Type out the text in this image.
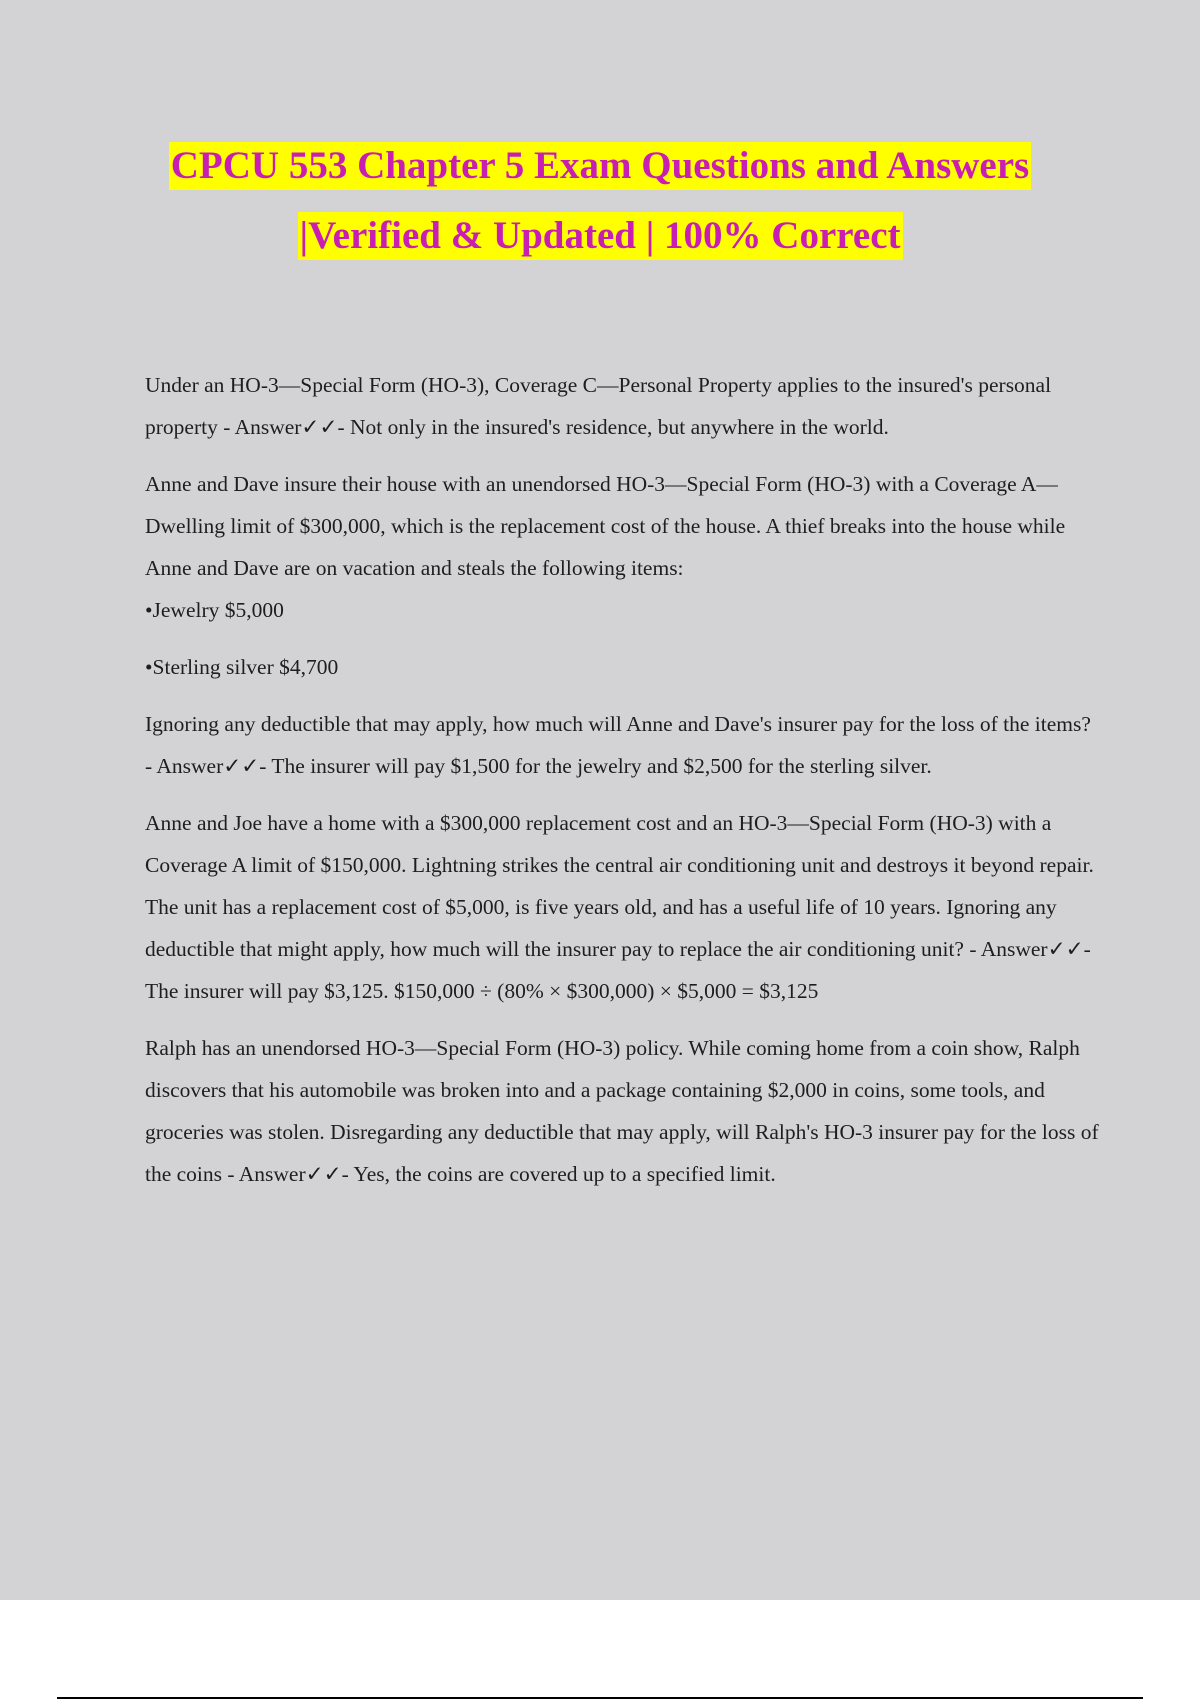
CPCU 553 Chapter 5 Exam Questions and Answers
|Verified & Updated | 100% Correct

Under an HO-3—Special Form (HO-3), Coverage C—Personal Property applies to the insured's personal property - Answer✓✓- Not only in the insured's residence, but anywhere in the world.

Anne and Dave insure their house with an unendorsed HO-3—Special Form (HO-3) with a Coverage A—Dwelling limit of $300,000, which is the replacement cost of the house. A thief breaks into the house while Anne and Dave are on vacation and steals the following items:
•Jewelry $5,000

•Sterling silver $4,700

Ignoring any deductible that may apply, how much will Anne and Dave's insurer pay for the loss of the items? - Answer✓✓- The insurer will pay $1,500 for the jewelry and $2,500 for the sterling silver.

Anne and Joe have a home with a $300,000 replacement cost and an HO-3—Special Form (HO-3) with a Coverage A limit of $150,000. Lightning strikes the central air conditioning unit and destroys it beyond repair. The unit has a replacement cost of $5,000, is five years old, and has a useful life of 10 years. Ignoring any deductible that might apply, how much will the insurer pay to replace the air conditioning unit? - Answer✓✓- The insurer will pay $3,125. $150,000 ÷ (80% × $300,000) × $5,000 = $3,125

Ralph has an unendorsed HO-3—Special Form (HO-3) policy. While coming home from a coin show, Ralph discovers that his automobile was broken into and a package containing $2,000 in coins, some tools, and groceries was stolen. Disregarding any deductible that may apply, will Ralph's HO-3 insurer pay for the loss of the coins - Answer✓✓- Yes, the coins are covered up to a specified limit.
